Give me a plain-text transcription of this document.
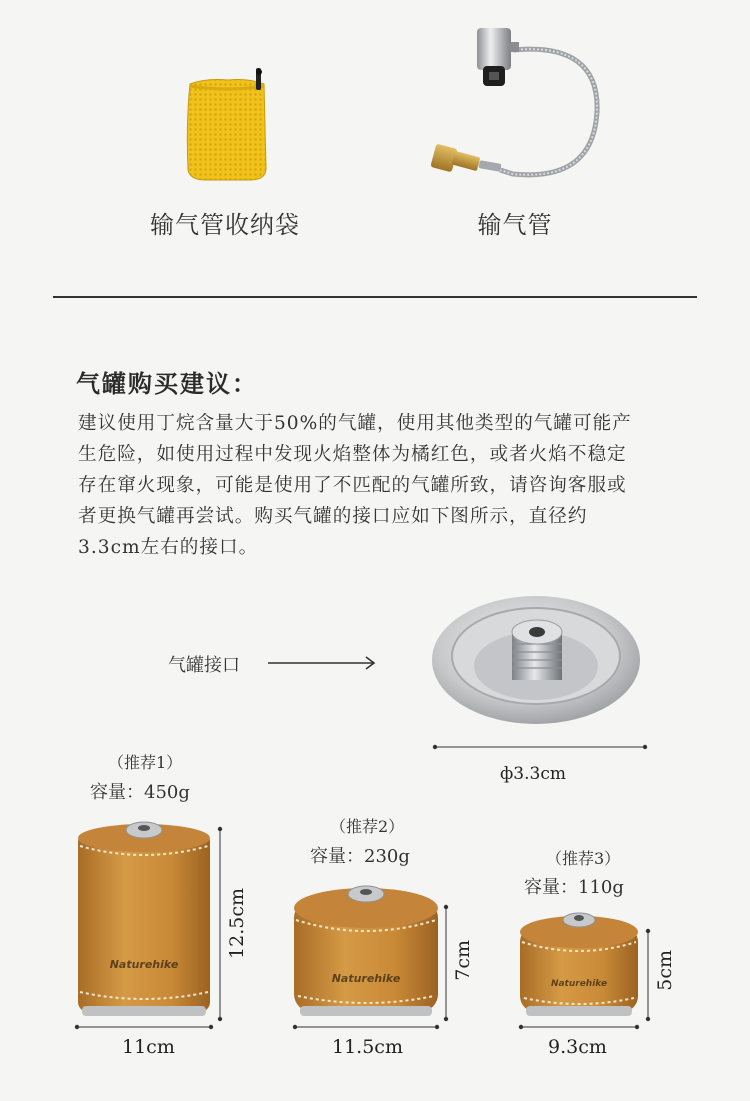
输气管收纳袋	输气管
气罐购买建议：
建议使用丁烷含量大于50%的气罐，使用其他类型的气罐可能产
生危险，如使用过程中发现火焰整体为橘红色，或者火焰不稳定
存在窜火现象，可能是使用了不匹配的气罐所致，请咨询客服或
者更换气罐再尝试。购买气罐的接口应如下图所示，直径约
3.3cm左右的接口。
气罐接口
ф3.3cm
（推荐1）
容量：450g
Naturehike
11cm
12.5cm
（推荐2）
容量：230g
Naturehike
11.5cm
7cm
（推荐3）
容量：110g
Naturehike
9.3cm
5cm
